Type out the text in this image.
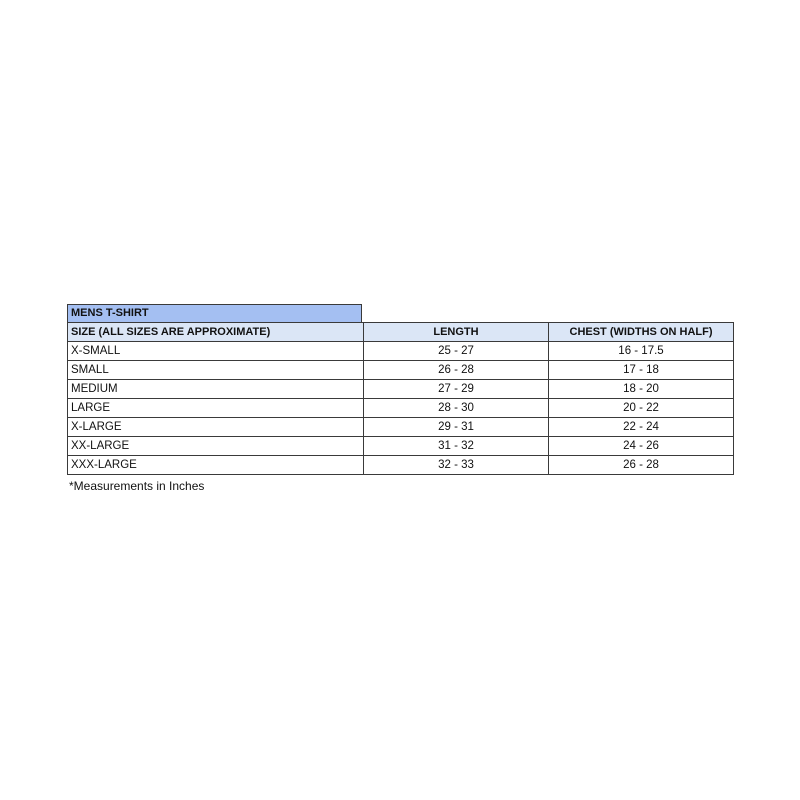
MENS T-SHIRT
SIZE (ALL SIZES ARE APPROXIMATE)	LENGTH	CHEST (WIDTHS ON HALF)
X-SMALL	25 - 27	16 - 17.5
SMALL	26 - 28	17 - 18
MEDIUM	27 - 29	18 - 20
LARGE	28 - 30	20 - 22
X-LARGE	29 - 31	22 - 24
XX-LARGE	31 - 32	24 - 26
XXX-LARGE	32 - 33	26 - 28
*Measurements in Inches
